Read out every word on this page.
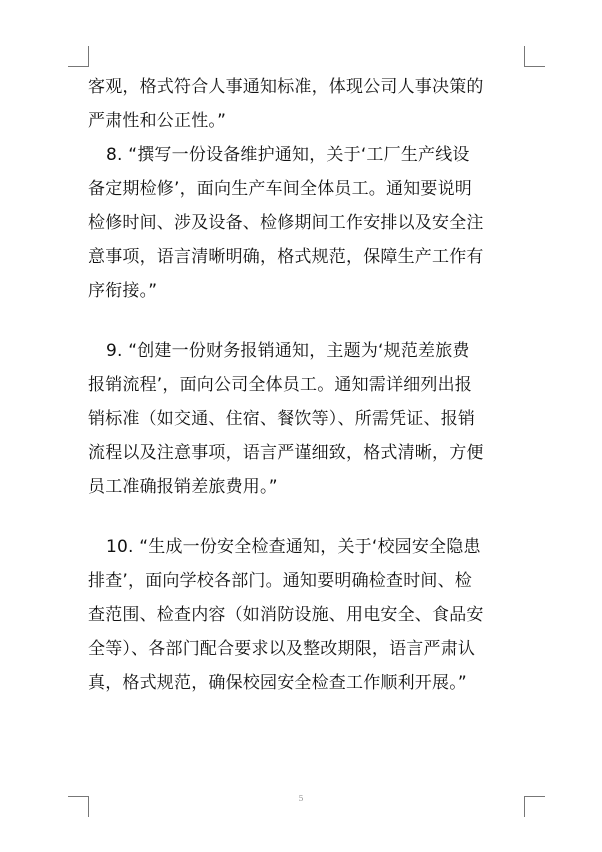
客观，格式符合人事通知标准，体现公司人事决策的
严肃性和公正性。”
8. “撰写一份设备维护通知，关于‘工厂生产线设
备定期检修’，面向生产车间全体员工。通知要说明
检修时间、涉及设备、检修期间工作安排以及安全注
意事项，语言清晰明确，格式规范，保障生产工作有
序衔接。”
9. “创建一份财务报销通知，主题为‘规范差旅费
报销流程’，面向公司全体员工。通知需详细列出报
销标准（如交通、住宿、餐饮等）、所需凭证、报销
流程以及注意事项，语言严谨细致，格式清晰，方便
员工准确报销差旅费用。”
10. “生成一份安全检查通知，关于‘校园安全隐患
排查’，面向学校各部门。通知要明确检查时间、检
查范围、检查内容（如消防设施、用电安全、食品安
全等）、各部门配合要求以及整改期限，语言严肃认
真，格式规范，确保校园安全检查工作顺利开展。”
5
